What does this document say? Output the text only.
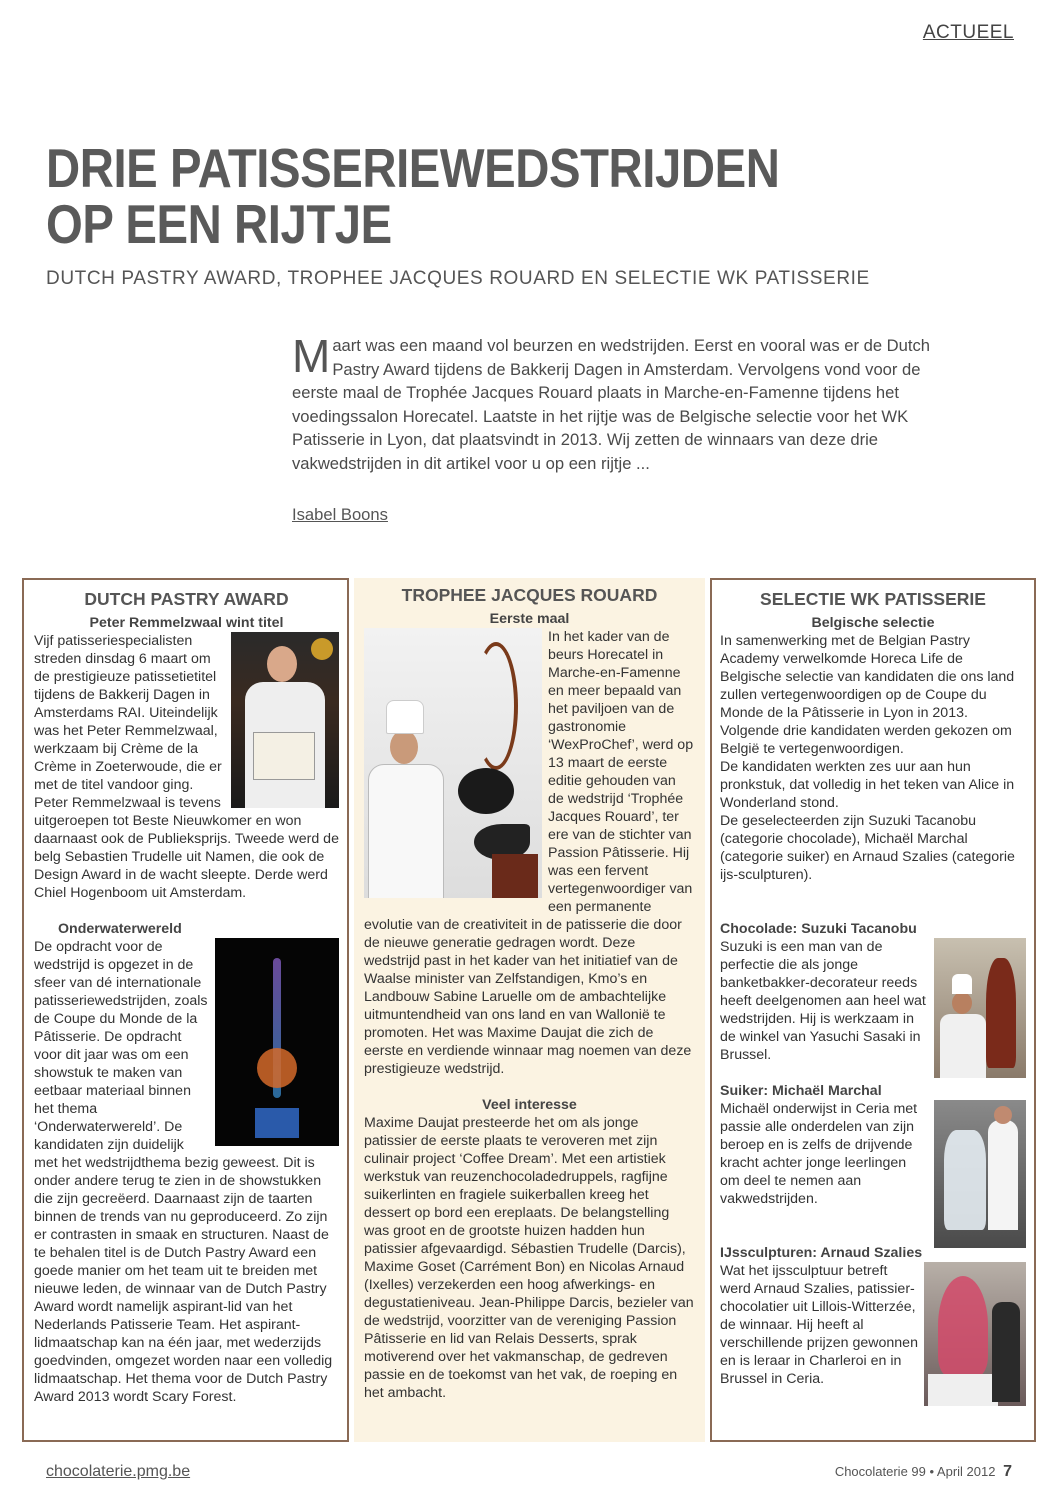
ACTUEEL
DRIE PATISSERIEWEDSTRIJDEN
OP EEN RIJTJE
DUTCH PASTRY AWARD, TROPHEE JACQUES ROUARD EN SELECTIE WK PATISSERIE

Maart was een maand vol beurzen en wedstrijden. Eerst en vooral was er de Dutch Pastry Award tijdens de Bakkerij Dagen in Amsterdam. Vervolgens vond voor de eerste maal de Trophée Jacques Rouard plaats in Marche-en-Famenne tijdens het voedingssalon Horecatel. Laatste in het rijtje was de Belgische selectie voor het WK Patisserie in Lyon, dat plaatsvindt in 2013. Wij zetten de winnaars van deze drie vakwedstrijden in dit artikel voor u op een rijtje ...

Isabel Boons
DUTCH PASTRY AWARD
Peter Remmelzwaal wint titel

Vijf patisseriespecialisten streden dinsdag 6 maart om de prestigieuze patissetietitel tijdens de Bakkerij Dagen in Amsterdams RAI. Uiteindelijk was het Peter Remmelzwaal, werkzaam bij Crème de la Crème in Zoeterwoude, die er met de titel vandoor ging.

Peter Remmelzwaal is tevens uitgeroepen tot Beste Nieuwkomer en won daarnaast ook de Publieksprijs. Tweede werd de belg Sebastien Trudelle uit Namen, die ook de Design Award in de wacht sleepte. Derde werd Chiel Hogenboom uit Amsterdam.

Onderwaterwereld

De opdracht voor de wedstrijd is opgezet in de sfeer van dé internationale patisseriewedstrijden, zoals de Coupe du Monde de la Pâtisserie. De opdracht voor dit jaar was om een showstuk te maken van eetbaar materiaal binnen het thema ‘Onderwaterwereld’. De kandidaten zijn duidelijk met het wedstrijdthema bezig geweest. Dit is onder andere terug te zien in de showstukken die zijn gecreëerd. Daarnaast zijn de taarten binnen de trends van nu geproduceerd. Zo zijn er contrasten in smaak en structuren. Naast de te behalen titel is de Dutch Pastry Award een goede manier om het team uit te breiden met nieuwe leden, de winnaar van de Dutch Pastry Award wordt namelijk aspirant-lid van het Nederlands Patisserie Team. Het aspirant-lidmaatschap kan na één jaar, met wederzijds goedvinden, omgezet worden naar een volledig lidmaatschap. Het thema voor de Dutch Pastry Award 2013 wordt Scary Forest.

TROPHEE JACQUES ROUARD
Eerste maal

In het kader van de beurs Horecatel in Marche-en-Famenne en meer bepaald van het paviljoen van de gastronomie ‘WexProChef’, werd op 13 maart de eerste editie gehouden van de wedstrijd ‘Trophée Jacques Rouard’, ter ere van de stichter van Passion Pâtisserie. Hij was een fervent vertegenwoordiger van een permanente evolutie van de creativiteit in de patisserie die door de nieuwe generatie gedragen wordt. Deze wedstrijd past in het kader van het initiatief van de Waalse minister van Zelfstandigen, Kmo’s en Landbouw Sabine Laruelle om de ambachtelijke uitmuntendheid van ons land en van Wallonië te promoten. Het was Maxime Daujat die zich de eerste en verdiende winnaar mag noemen van deze prestigieuze wedstrijd.

Veel interesse

Maxime Daujat presteerde het om als jonge patissier de eerste plaats te veroveren met zijn culinair project ‘Coffee Dream’. Met een artistiek werkstuk van reuzenchocoladedruppels, ragfijne suikerlinten en fragiele suikerballen kreeg het dessert op bord een ereplaats. De belangstelling was groot en de grootste huizen hadden hun patissier afgevaardigd. Sébastien Trudelle (Darcis), Maxime Goset (Carrément Bon) en Nicolas Arnaud (Ixelles) verzekerden een hoog afwerkings- en degustatieniveau. Jean-Philippe Darcis, bezieler van de wedstrijd, voorzitter van de vereniging Passion Pâtisserie en lid van Relais Desserts, sprak motiverend over het vakmanschap, de gedreven passie en de toekomst van het vak, de roeping en het ambacht.

SELECTIE WK PATISSERIE
Belgische selectie

In samenwerking met de Belgian Pastry Academy verwelkomde Horeca Life de Belgische selectie van kandidaten die ons land zullen vertegenwoordigen op de Coupe du Monde de la Pâtisserie in Lyon in 2013. Volgende drie kandidaten werden gekozen om België te vertegenwoordigen.

De kandidaten werkten zes uur aan hun pronkstuk, dat volledig in het teken van Alice in Wonderland stond.

De geselecteerden zijn Suzuki Tacanobu (categorie chocolade), Michaël Marchal (categorie suiker) en Arnaud Szalies (categorie ijs-sculpturen).

Chocolade: Suzuki Tacanobu

Suzuki is een man van de perfectie die als jonge banketbakker-decorateur reeds heeft deelgenomen aan heel wat wedstrijden. Hij is werkzaam in de winkel van Yasuchi Sasaki in Brussel.

Suiker: Michaël Marchal

Michaël onderwijst in Ceria met passie alle onderdelen van zijn beroep en is zelfs de drijvende kracht achter jonge leerlingen om deel te nemen aan vakwedstrijden.

IJssculpturen: Arnaud Szalies

Wat het ijssculptuur betreft werd Arnaud Szalies, patissier-chocolatier uit Lillois-Witterzée, de winnaar. Hij heeft al verschillende prijzen gewonnen en is leraar in Charleroi en in Brussel in Ceria.

chocolaterie.pmg.be	Chocolaterie 99 • April 2012 7
